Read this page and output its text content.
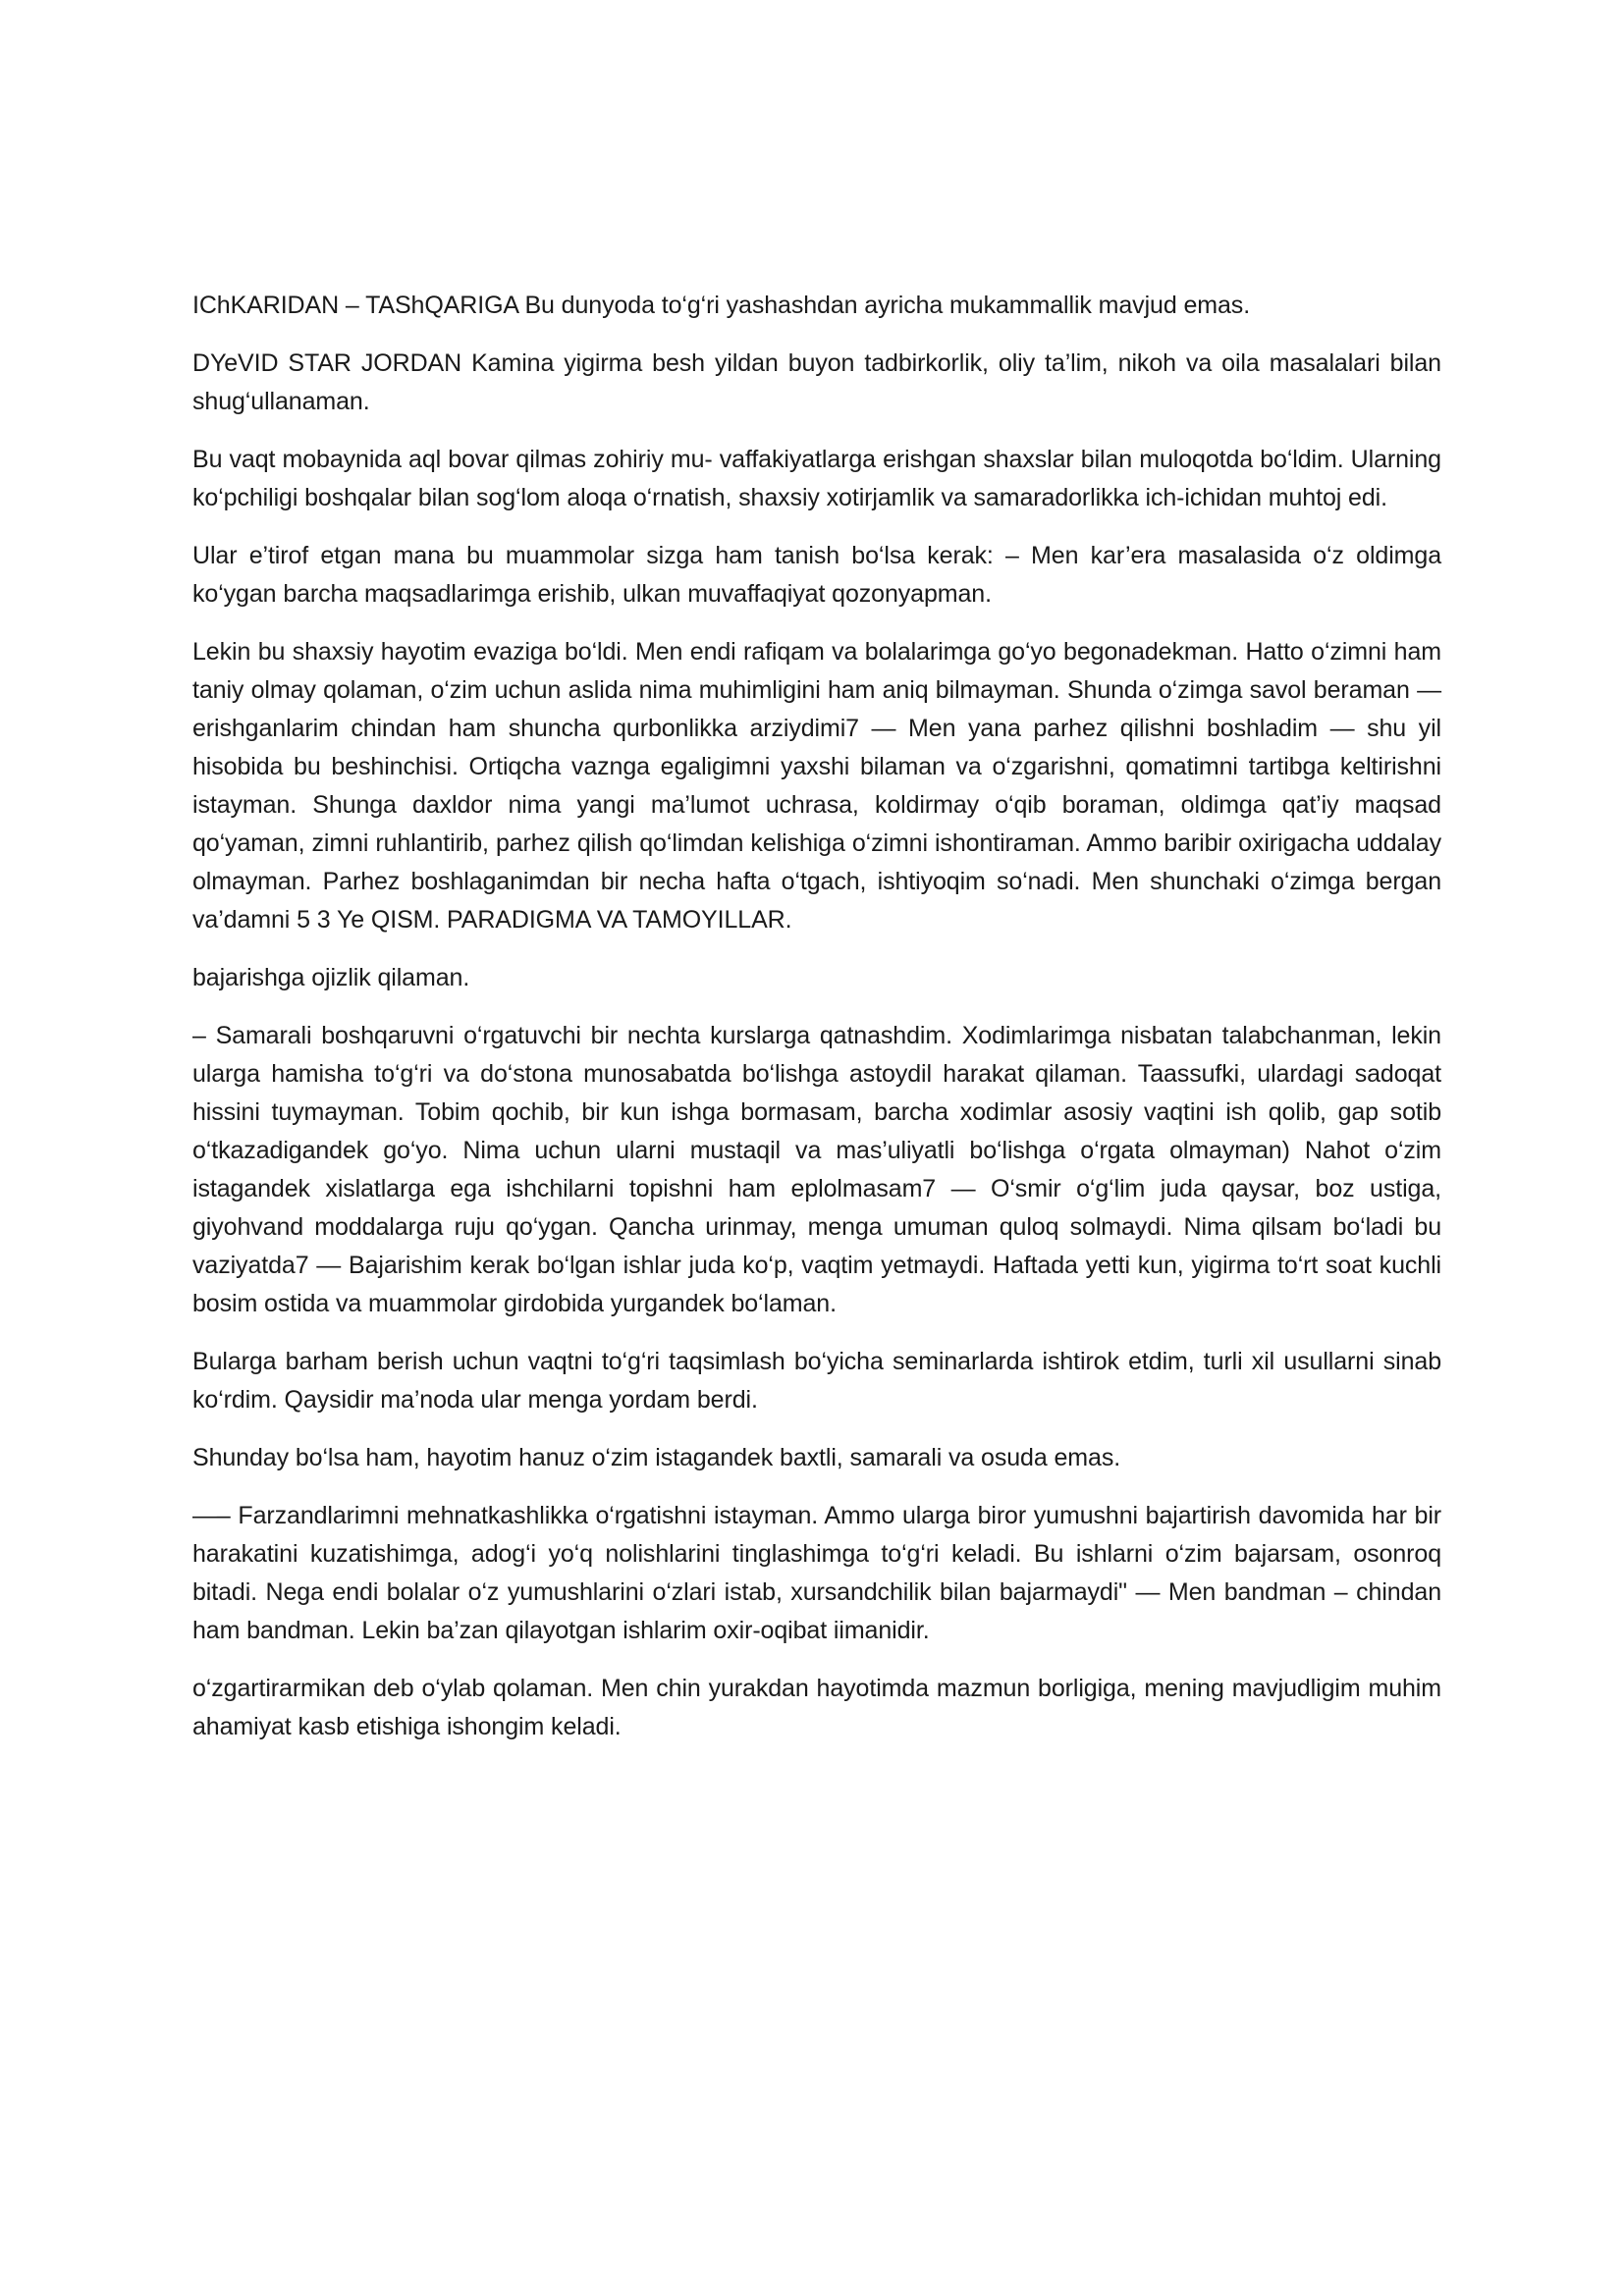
IChKARIDAN – TAShQARIGA Bu dunyoda to‘g‘ri yashashdan ayricha mukammallik mavjud emas.

DYeVID STAR JORDAN Kamina yigirma besh yildan buyon tadbirkorlik, oliy ta’lim, nikoh va oila masalalari bilan shug‘ullanaman.

Bu vaqt mobaynida aql bovar qilmas zohiriy mu- vaffakiyatlarga erishgan shaxslar bilan muloqotda bo‘ldim. Ularning ko‘pchiligi boshqalar bilan sog‘lom aloqa o‘rnatish, shaxsiy xotirjamlik va samaradorlikka ich-ichidan muhtoj edi.

Ular e’tirof etgan mana bu muammolar sizga ham tanish bo‘lsa kerak: – Men kar’era masalasida o‘z oldimga ko‘ygan barcha maqsadlarimga erishib, ulkan muvaffaqiyat qozonyapman.

Lekin bu shaxsiy hayotim evaziga bo‘ldi. Men endi rafiqam va bolalarimga go‘yo begonadekman. Hatto o‘zimni ham taniy olmay qolaman, o‘zim uchun aslida nima muhimligini ham aniq bilmayman. Shunda o‘zimga savol beraman — erishganlarim chindan ham shuncha qurbonlikka arziydimi7 — Men yana parhez qilishni boshladim — shu yil hisobida bu beshinchisi. Ortiqcha vaznga egaligimni yaxshi bilaman va o‘zgarishni, qomatimni tartibga keltirishni istayman. Shunga daxldor nima yangi ma’lumot uchrasa, koldirmay o‘qib boraman, oldimga qat’iy maqsad qo‘yaman, zimni ruhlantirib, parhez qilish qo‘limdan kelishiga o‘zimni ishontiraman. Ammo baribir oxirigacha uddalay olmayman. Parhez boshlaganimdan bir necha hafta o‘tgach, ishtiyoqim so‘nadi. Men shunchaki o‘zimga bergan va’damni 5 3 Ye QISM. PARADIGMA VA TAMOYILLAR.

bajarishga ojizlik qilaman.

– Samarali boshqaruvni o‘rgatuvchi bir nechta kurslarga qatnashdim. Xodimlarimga nisbatan talabchanman, lekin ularga hamisha to‘g‘ri va do‘stona munosabatda bo‘lishga astoydil harakat qilaman. Taassufki, ulardagi sadoqat hissini tuymayman. Tobim qochib, bir kun ishga bormasam, barcha xodimlar asosiy vaqtini ish qolib, gap sotib o‘tkazadigandek go‘yo. Nima uchun ularni mustaqil va mas’uliyatli bo‘lishga o‘rgata olmayman) Nahot o‘zim istagandek xislatlarga ega ishchilarni topishni ham eplolmasam7 — O‘smir o‘g‘lim juda qaysar, boz ustiga, giyohvand moddalarga ruju qo‘ygan. Qancha urinmay, menga umuman quloq solmaydi. Nima qilsam bo‘ladi bu vaziyatda7 — Bajarishim kerak bo‘lgan ishlar juda ko‘p, vaqtim yetmaydi. Haftada yetti kun, yigirma to‘rt soat kuchli bosim ostida va muammolar girdobida yurgandek bo‘laman.

Bularga barham berish uchun vaqtni to‘g‘ri taqsimlash bo‘yicha seminarlarda ishtirok etdim, turli xil usullarni sinab ko‘rdim. Qaysidir ma’noda ular menga yordam berdi.

Shunday bo‘lsa ham, hayotim hanuz o‘zim istagandek baxtli, samarali va osuda emas.

—– Farzandlarimni mehnatkashlikka o‘rgatishni istayman. Ammo ularga biror yumushni bajartirish davomida har bir harakatini kuzatishimga, adog‘i yo‘q nolishlarini tinglashimga to‘g‘ri keladi. Bu ishlarni o‘zim bajarsam, osonroq bitadi. Nega endi bolalar o‘z yumushlarini o‘zlari istab, xursandchilik bilan bajarmaydi" — Men bandman – chindan ham bandman. Lekin ba’zan qilayotgan ishlarim oxir-oqibat iimanidir.

o‘zgartirarmikan deb o‘ylab qolaman. Men chin yurakdan hayotimda mazmun borligiga, mening mavjudligim muhim ahamiyat kasb etishiga ishongim keladi.
